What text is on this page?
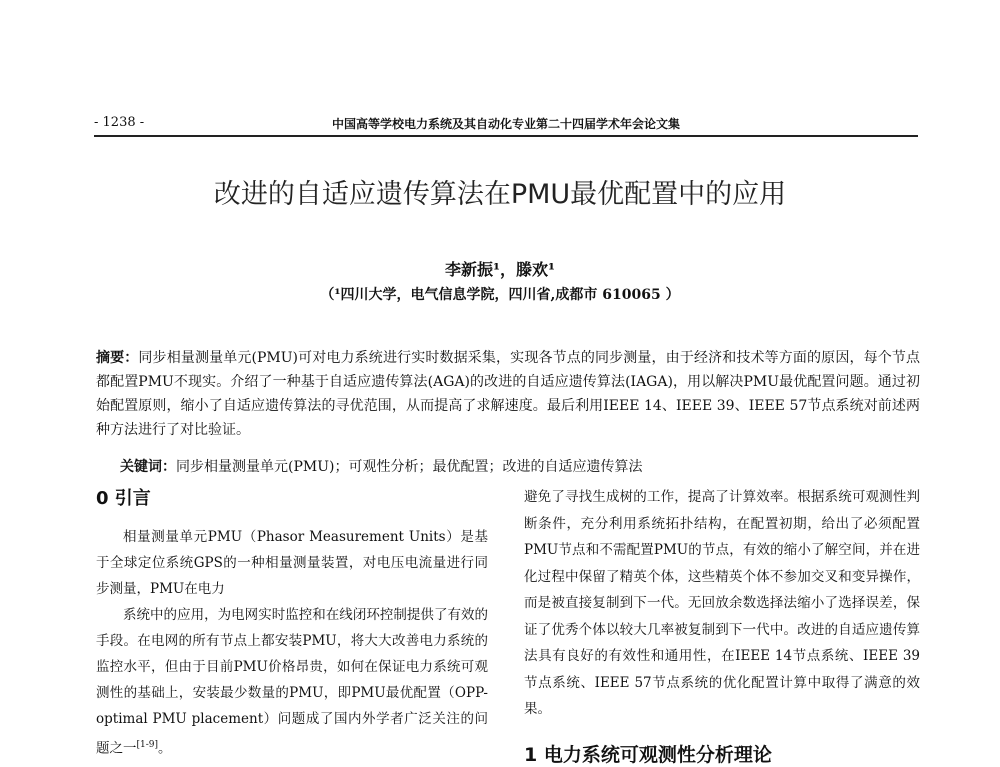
- 1238 -	中国高等学校电力系统及其自动化专业第二十四届学术年会论文集
改进的自适应遗传算法在PMU最优配置中的应用
李新振¹，滕欢¹
（¹四川大学，电气信息学院，四川省,成都市 610065 ）
摘要：同步相量测量单元(PMU)可对电力系统进行实时数据采集，实现各节点的同步测量，由于经济和技术等方面的原因，每个节点都配置PMU不现实。介绍了一种基于自适应遗传算法(AGA)的改进的自适应遗传算法(IAGA)，用以解决PMU最优配置问题。通过初始配置原则，缩小了自适应遗传算法的寻优范围，从而提高了求解速度。最后利用IEEE 14、IEEE 39、IEEE 57节点系统对前述两种方法进行了对比验证。
关键词：同步相量测量单元(PMU)；可观性分析；最优配置；改进的自适应遗传算法
0 引言

相量测量单元PMU（Phasor Measurement Units）是基于全球定位系统GPS的一种相量测量装置，对电压电流量进行同步测量，PMU在电力

系统中的应用，为电网实时监控和在线闭环控制提供了有效的手段。在电网的所有节点上都安装PMU，将大大改善电力系统的监控水平，但由于目前PMU价格昂贵，如何在保证电力系统可观测性的基础上，安装最少数量的PMU，即PMU最优配置（OPP-optimal PMU placement）问题成了国内外学者广泛关注的问题之一[1-9]。

避免了寻找生成树的工作，提高了计算效率。根据系统可观测性判断条件，充分利用系统拓扑结构，在配置初期，给出了必须配置PMU节点和不需配置PMU的节点，有效的缩小了解空间，并在进化过程中保留了精英个体，这些精英个体不参加交叉和变异操作，而是被直接复制到下一代。无回放余数选择法缩小了选择误差，保证了优秀个体以较大几率被复制到下一代中。改进的自适应遗传算法具有良好的有效性和通用性，在IEEE 14节点系统、IEEE 39节点系统、IEEE 57节点系统的优化配置计算中取得了满意的效果。

1 电力系统可观测性分析理论
